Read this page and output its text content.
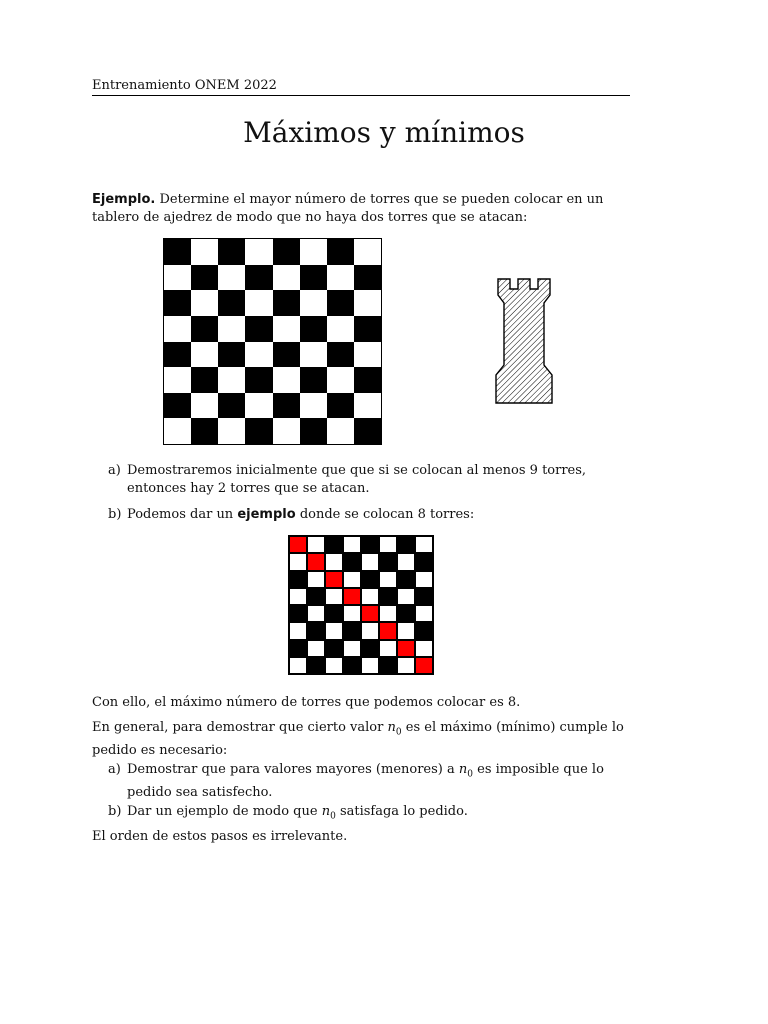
Entrenamiento ONEM 2022
Máximos y mínimos
Ejemplo. Determine el mayor número de torres que se pueden colocar en un tablero de ajedrez de modo que no haya dos torres que se atacan:
a) Demostraremos inicialmente que que si se colocan al menos 9 torres, entonces hay 2 torres que se atacan.
b) Podemos dar un ejemplo donde se colocan 8 torres:
Con ello, el máximo número de torres que podemos colocar es 8.
En general, para demostrar que cierto valor $n_0$ es el máximo (mínimo) cumple lo pedido es necesario:
a) Demostrar que para valores mayores (menores) a $n_0$ es imposible que lo pedido sea satisfecho.
b) Dar un ejemplo de modo que $n_0$ satisfaga lo pedido.
El orden de estos pasos es irrelevante.
